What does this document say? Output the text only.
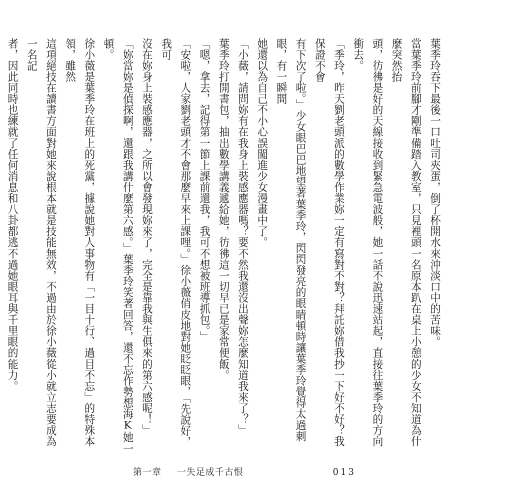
葉季玲吞下最後一口吐司夾蛋，倒了杯開水來沖淡口中的苦味。

當葉季玲前腳才剛準備踏入教室，只見裡頭一名原本趴在桌上小憩的少女不知道為什麼突然抬

頭，彷彿是好的天線接收到緊急電波般，她一話不說迅速站起，直接往葉季玲的方向衝去。

「季玲，昨天劉老頭派的數學作業妳一定有寫對不對？拜託妳借我抄一下好不好？我保證不會

有下次了啦。」少女眼巴巴地望著葉季玲，閃閃發亮的眼睛頓時讓葉季玲覺得太過刺眼，有一瞬間

她還以為自己不小心誤闖進少女漫畫中了。

「小薇，請問妳有在我身上裝感應器嗎？要不然我還沒出聲妳怎麼知道我來了？」

葉季玲打開書包，抽出數學講義遞給她，彷彿這一切早已是家常便飯。

「嗯，拿去，記得第一節上課前還我，我可不想被班導抓包。」

「安啦，人家劉老頭才不會那麼早來上課哩。」徐小薇俏皮地對她眨眨眼，「先說好，我可

沒在妳身上裝感應器，之所以會發現妳來了，完全是靠我與生俱來的第六感呢！」

「妳當妳是偵探啊，還跟我講什麼第六感。」葉季玲笑著回答，還不忘作勢想海K她一頓。

徐小薇是葉季玲在班上的死黨，據說她對人事物有「一目十行、過目不忘」的特殊本領，雖然

這項絕技在讀書方面對她來說根本就是技能無效，不過由於徐小薇從小就立志要成為一名記

者，因此同時也練就了任何消息和八卦都逃不過她眼耳與千里眼的能力。

第一章 一失足成千古恨	013
